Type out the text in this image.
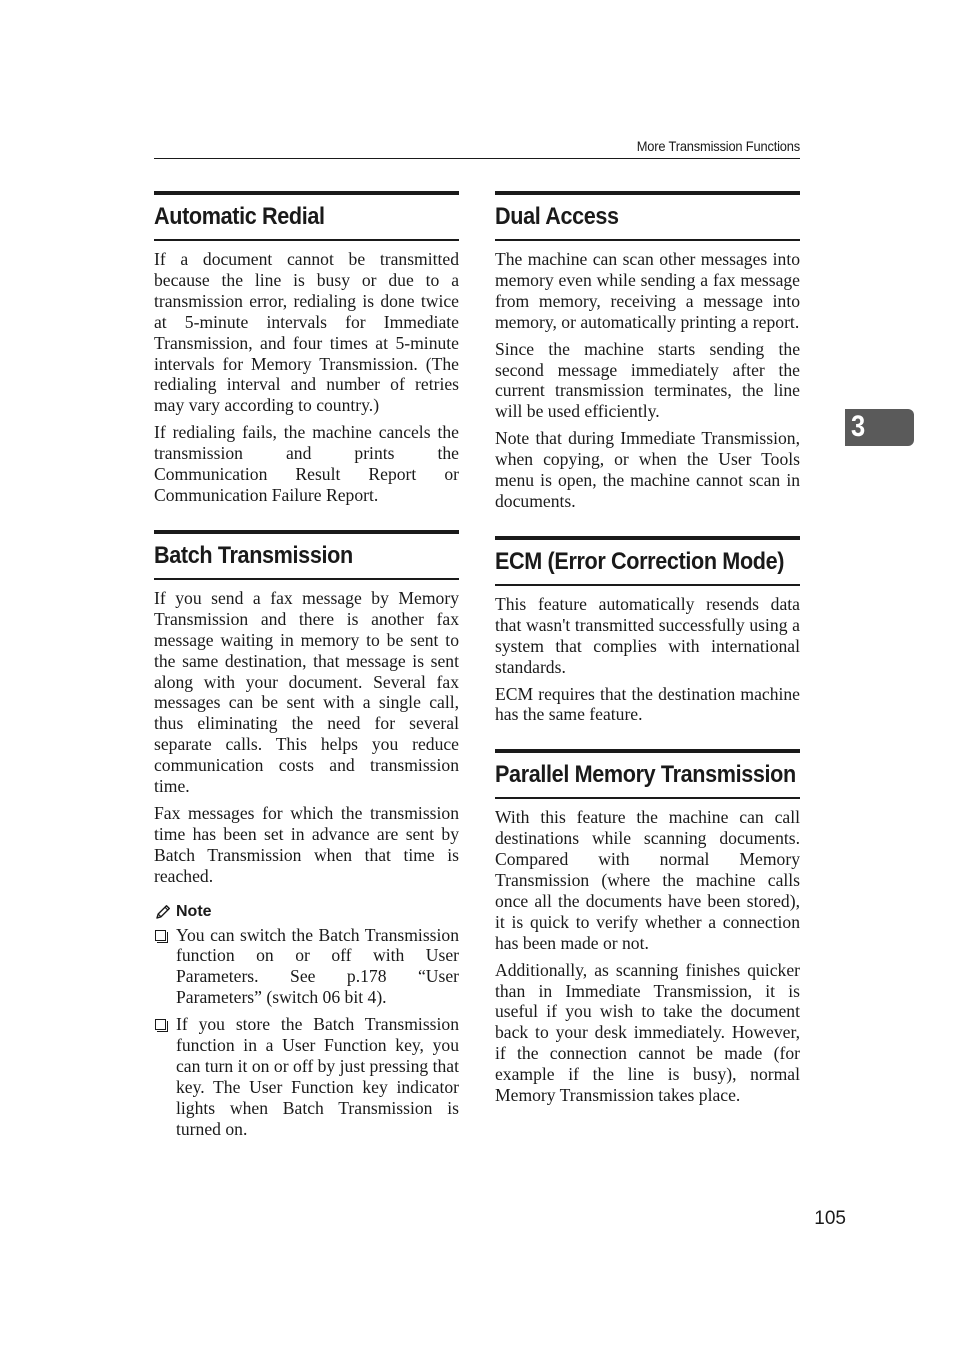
More Transmission Functions
Automatic Redial

If a document cannot be transmitted because the line is busy or due to a transmission error, redialing is done twice at 5-minute intervals for Immediate Transmission, and four times at 5-minute intervals for Memory Transmission. (The redialing interval and number of retries may vary according to country.)

If redialing fails, the machine cancels the transmission and prints the Communication Result Report or Communication Failure Report.

Batch Transmission

If you send a fax message by Memory Transmission and there is another fax message waiting in memory to be sent to the same destination, that message is sent along with your document. Several fax messages can be sent with a single call, thus eliminating the need for several separate calls. This helps you reduce communication costs and transmission time.

Fax messages for which the transmission time has been set in advance are sent by Batch Transmission when that time is reached.

Note
You can switch the Batch Transmission function on or off with User Parameters. See p.178 “User Parameters” (switch 06 bit 4).
If you store the Batch Transmission function in a User Function key, you can turn it on or off by just pressing that key. The User Function key indicator lights when Batch Transmission is turned on.
Dual Access

The machine can scan other messages into memory even while sending a fax message from memory, receiving a message into memory, or automatically printing a report.

Since the machine starts sending the second message immediately after the current transmission terminates, the line will be used efficiently.

Note that during Immediate Transmission, when copying, or when the User Tools menu is open, the machine cannot scan in documents.

ECM (Error Correction Mode)

This feature automatically resends data that wasn't transmitted successfully using a system that complies with international standards.

ECM requires that the destination machine has the same feature.

Parallel Memory Transmission

With this feature the machine can call destinations while scanning documents. Compared with normal Memory Transmission (where the machine calls once all the documents have been stored), it is quick to verify whether a connection has been made or not.

Additionally, as scanning finishes quicker than in Immediate Transmission, it is useful if you wish to take the document back to your desk immediately. However, if the connection cannot be made (for example if the line is busy), normal Memory Transmission takes place.

3
105
